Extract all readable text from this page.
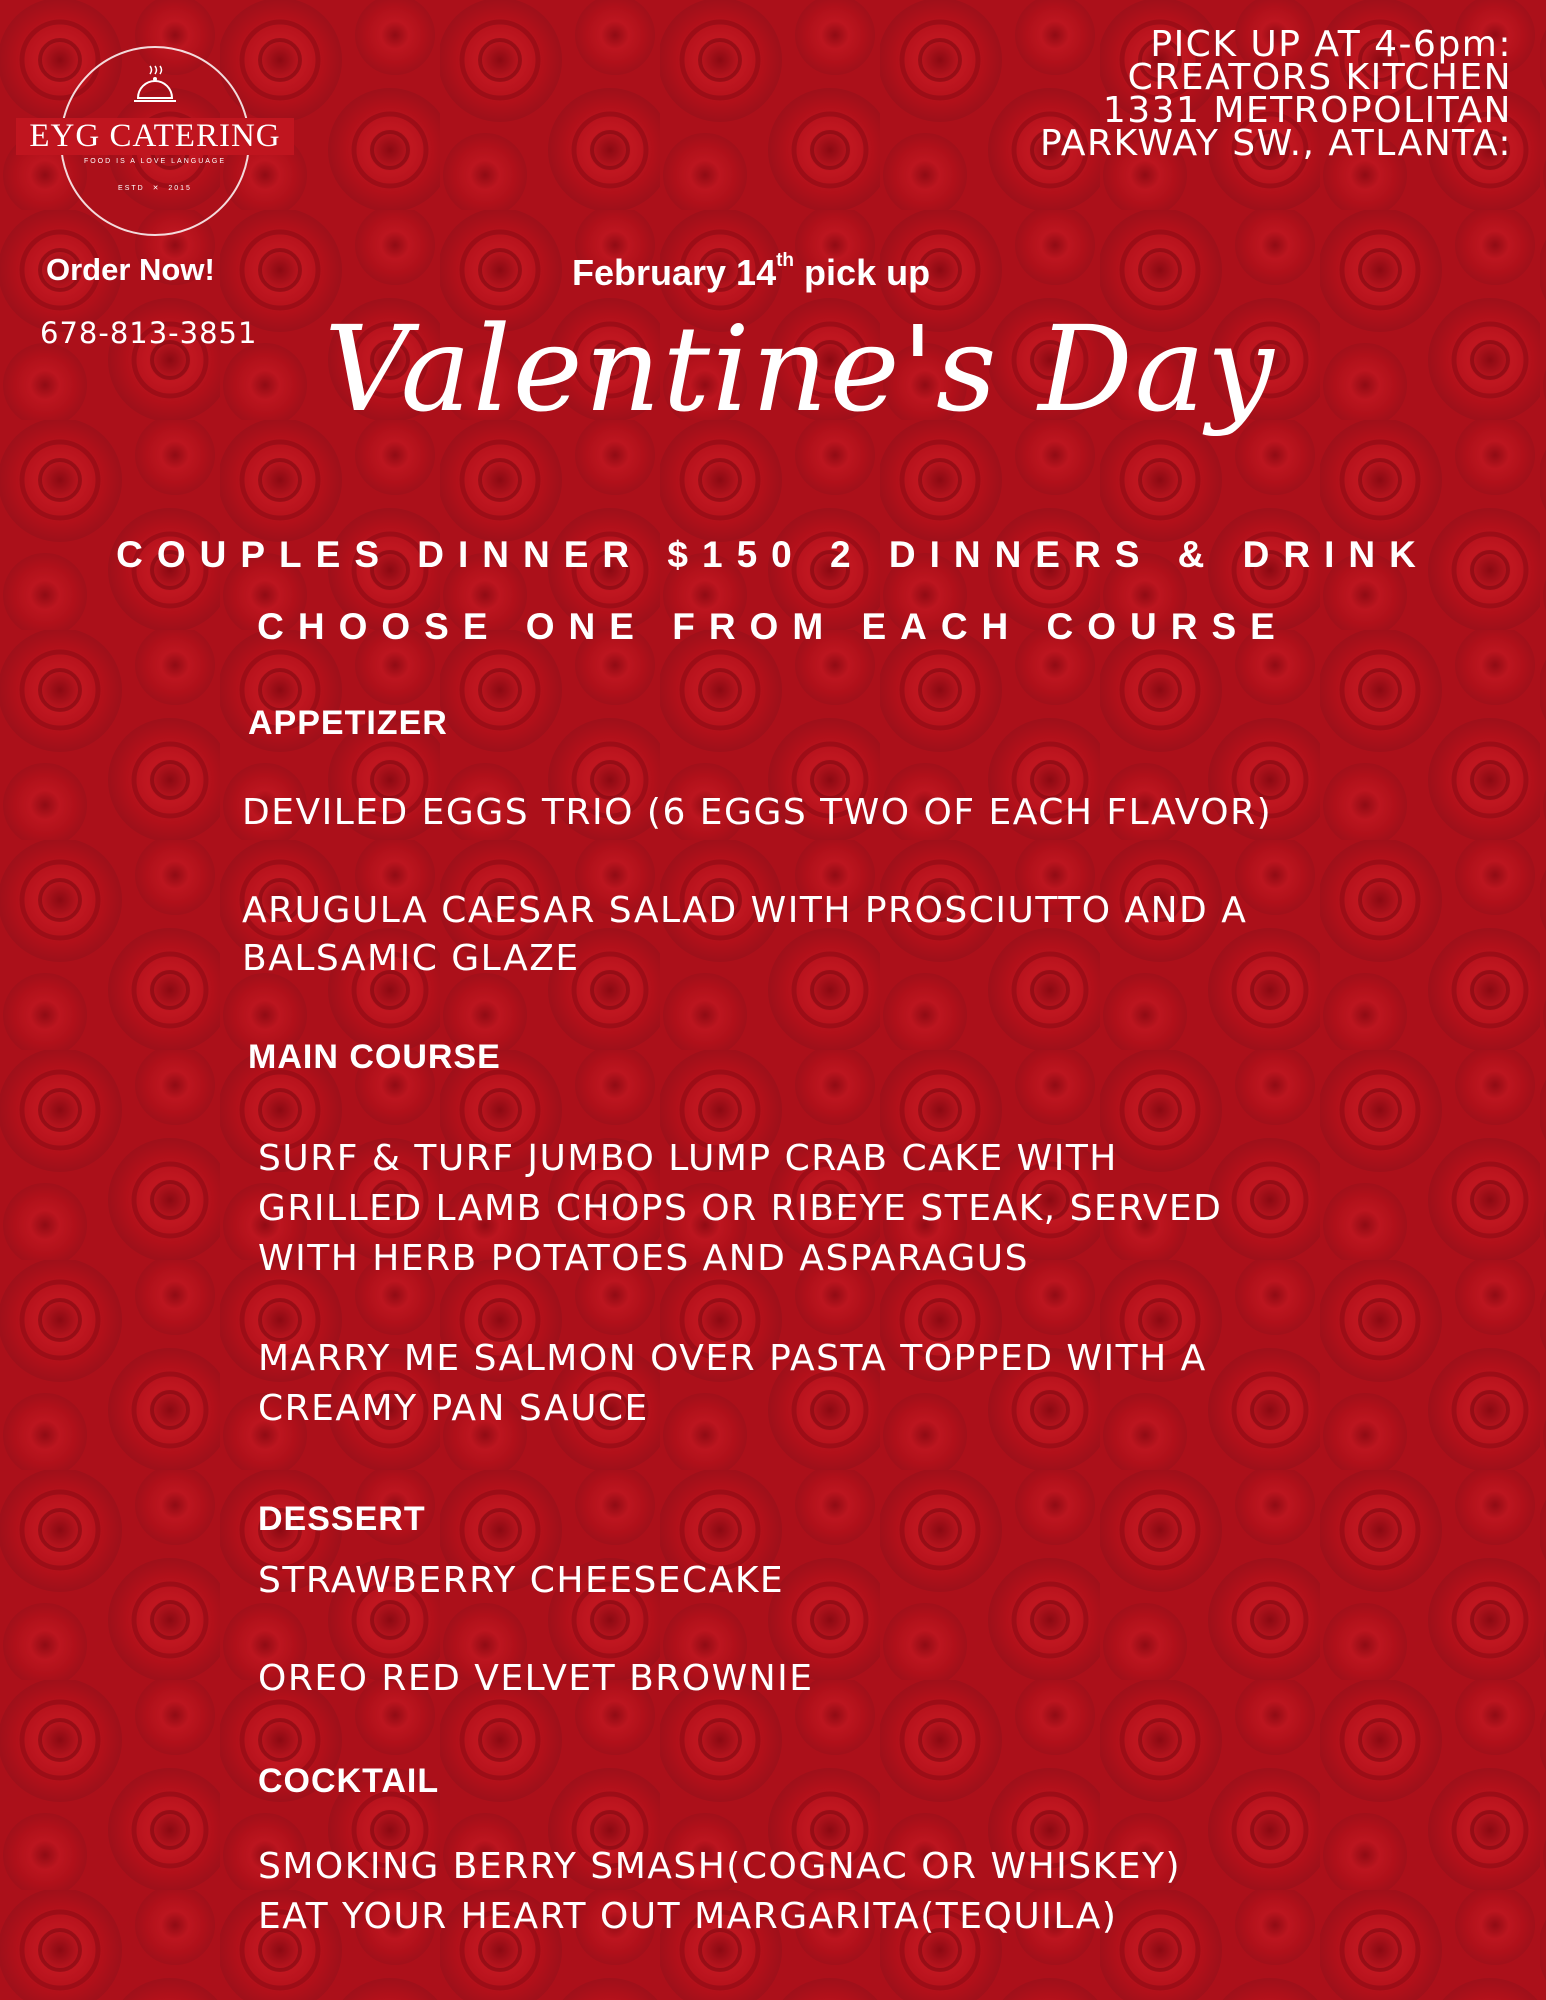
EYG CATERING
FOOD IS A LOVE LANGUAGE
ESTD  ✕  2015
PICK UP AT 4-6pm:
CREATORS KITCHEN
1331 METROPOLITAN
PARKWAY SW., ATLANTA:
Order Now!
678-813-3851
February 14th pick up
Valentine's Day
COUPLES DINNER $150 2 DINNERS & DRINK
CHOOSE ONE FROM EACH COURSE
APPETIZER
DEVILED EGGS TRIO (6 EGGS TWO OF EACH FLAVOR)
ARUGULA CAESAR SALAD WITH PROSCIUTTO AND A
BALSAMIC GLAZE
MAIN COURSE
SURF & TURF JUMBO LUMP CRAB CAKE WITH
GRILLED LAMB CHOPS OR RIBEYE STEAK, SERVED
WITH HERB POTATOES AND ASPARAGUS
MARRY ME SALMON OVER PASTA TOPPED WITH A
CREAMY PAN SAUCE
DESSERT
STRAWBERRY CHEESECAKE
OREO RED VELVET BROWNIE
COCKTAIL
SMOKING BERRY SMASH(COGNAC OR WHISKEY)
EAT YOUR HEART OUT MARGARITA(TEQUILA)
